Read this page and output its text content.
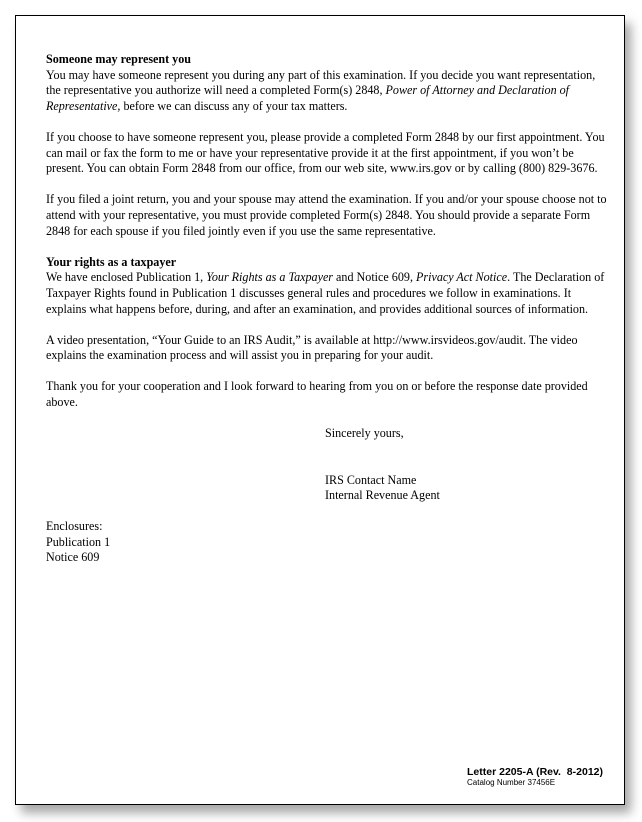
Someone may represent you
You may have someone represent you during any part of this examination. If you decide you want representation, the representative you authorize will need a completed Form(s) 2848, Power of Attorney and Declaration of Representative, before we can discuss any of your tax matters.
If you choose to have someone represent you, please provide a completed Form 2848 by our first appointment. You can mail or fax the form to me or have your representative provide it at the first appointment, if you won’t be present. You can obtain Form 2848 from our office, from our web site, www.irs.gov or by calling (800) 829-3676.
If you filed a joint return, you and your spouse may attend the examination. If you and/or your spouse choose not to attend with your representative, you must provide completed Form(s) 2848. You should provide a separate Form 2848 for each spouse if you filed jointly even if you use the same representative.
Your rights as a taxpayer
We have enclosed Publication 1, Your Rights as a Taxpayer and Notice 609, Privacy Act Notice. The Declaration of Taxpayer Rights found in Publication 1 discusses general rules and procedures we follow in examinations. It explains what happens before, during, and after an examination, and provides additional sources of information.
A video presentation, “Your Guide to an IRS Audit,” is available at http://www.irsvideos.gov/audit. The video explains the examination process and will assist you in preparing for your audit.
Thank you for your cooperation and I look forward to hearing from you on or before the response date provided above.
Sincerely yours,
IRS Contact Name
Internal Revenue Agent
Enclosures:
Publication 1
Notice 609
Letter 2205-A (Rev.  8-2012)
Catalog Number 37456E
